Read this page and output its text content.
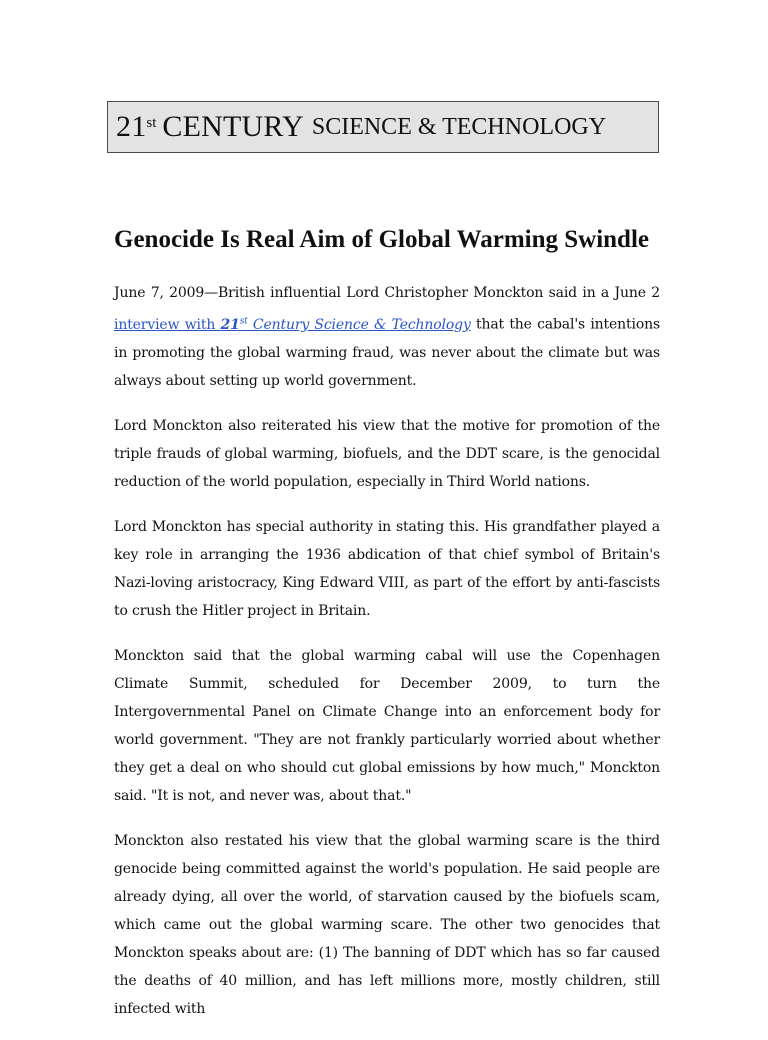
21st CENTURY SCIENCE & TECHNOLOGY
Genocide Is Real Aim of Global Warming Swindle

June 7, 2009—British influential Lord Christopher Monckton said in a June 2 interview with 21st Century Science & Technology that the cabal's intentions in promoting the global warming fraud, was never about the climate but was always about setting up world government.

Lord Monckton also reiterated his view that the motive for promotion of the triple frauds of global warming, biofuels, and the DDT scare, is the genocidal reduction of the world population, especially in Third World nations.

Lord Monckton has special authority in stating this. His grandfather played a key role in arranging the 1936 abdication of that chief symbol of Britain's Nazi-loving aristocracy, King Edward VIII, as part of the effort by anti-fascists to crush the Hitler project in Britain.

Monckton said that the global warming cabal will use the Copenhagen Climate Summit, scheduled for December 2009, to turn the Intergovernmental Panel on Climate Change into an enforcement body for world government. "They are not frankly particularly worried about whether they get a deal on who should cut global emissions by how much," Monckton said. "It is not, and never was, about that."

Monckton also restated his view that the global warming scare is the third genocide being committed against the world's population. He said people are already dying, all over the world, of starvation caused by the biofuels scam, which came out the global warming scare. The other two genocides that Monckton speaks about are: (1) The banning of DDT which has so far caused the deaths of 40 million, and has left millions more, mostly children, still infected with
